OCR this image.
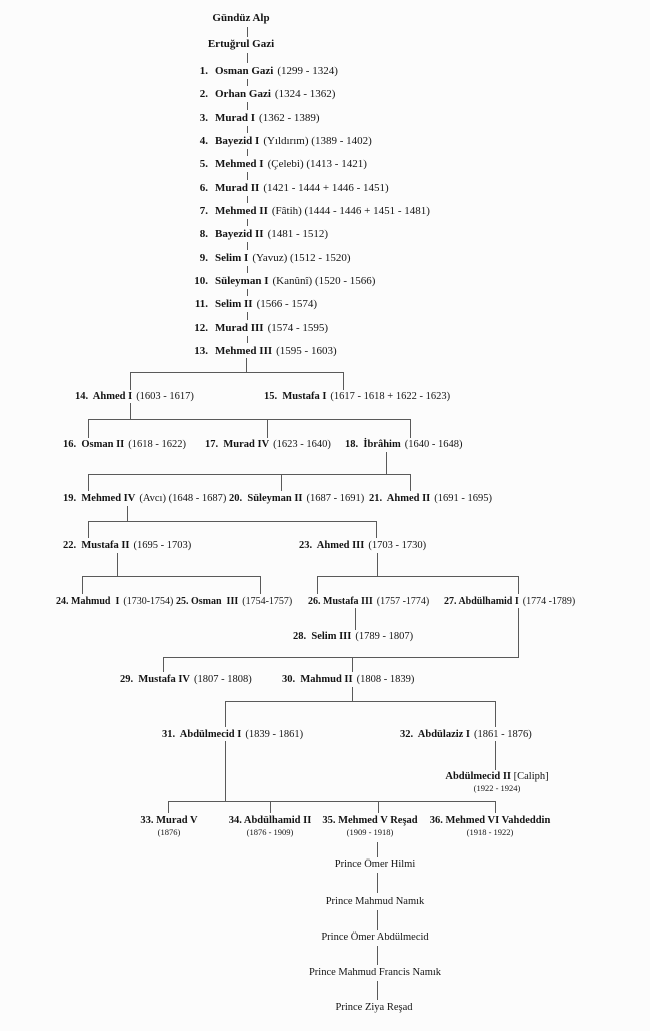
Gündüz Alp
Ertuğrul Gazi
1. Osman Gazi (1299 - 1324)
2. Orhan Gazi (1324 - 1362)
3. Murad I (1362 - 1389)
4. Bayezid I (Yıldırım) (1389 - 1402)
5. Mehmed I (Çelebi) (1413 - 1421)
6. Murad II (1421 - 1444 + 1446 - 1451)
7. Mehmed II (Fâtih) (1444 - 1446 + 1451 - 1481)
8. Bayezid II (1481 - 1512)
9. Selim I (Yavuz) (1512 - 1520)
10. Süleyman I (Kanûnî) (1520 - 1566)
11. Selim II (1566 - 1574)
12. Murad III (1574 - 1595)
13. Mehmed III (1595 - 1603)
14.  Ahmed I (1603 - 1617)	15.  Mustafa I (1617 - 1618 + 1622 - 1623)
16.  Osman II (1618 - 1622) 17.  Murad IV (1623 - 1640) 18.  İbrâhim (1640 - 1648)
19.  Mehmed IV (Avcı) (1648 - 1687) 20.  Süleyman II (1687 - 1691) 21.  Ahmed II (1691 - 1695)
22.  Mustafa II (1695 - 1703)	23.  Ahmed III (1703 - 1730)
24. Mahmud  I (1730-1754) 25. Osman  III (1754-1757) 26. Mustafa III (1757 -1774) 27. Abdülhamid I (1774 -1789)
28.  Selim III (1789 - 1807)
29.  Mustafa IV (1807 - 1808)	30.  Mahmud II (1808 - 1839)
31.  Abdülmecid I (1839 - 1861)	32.  Abdülaziz I (1861 - 1876)
Abdülmecid II [Caliph]
(1922 - 1924)
33. Murad V
(1876)
34. Abdülhamid II
(1876 - 1909)
35. Mehmed V Reşad
(1909 - 1918)
36. Mehmed VI Vahdeddin
(1918 - 1922)
Prince Ömer Hilmi
Prince Mahmud Namık
Prince Ömer Abdülmecid
Prince Mahmud Francis Namık
Prince Ziya Reşad
